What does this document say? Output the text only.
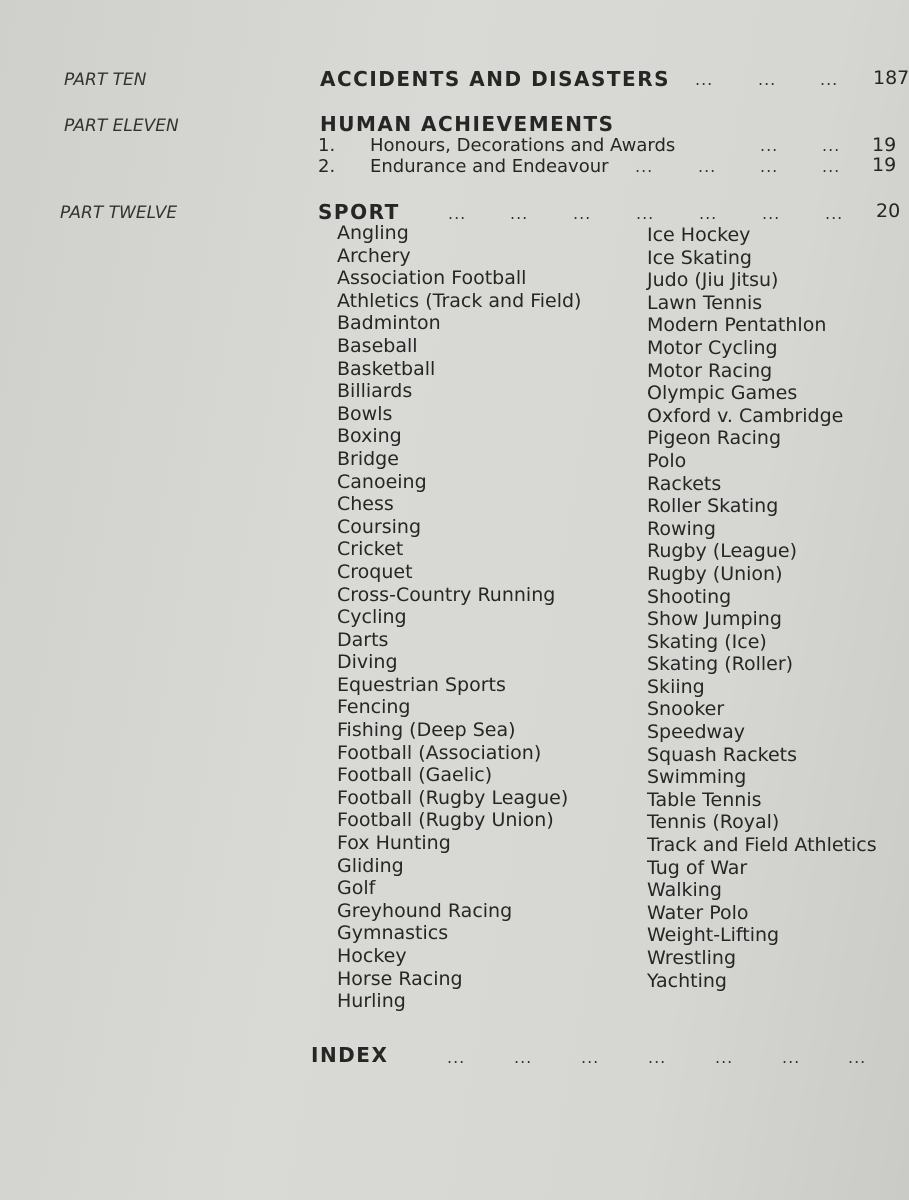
PART TEN	ACCIDENTS AND DISASTERS ...	...	... 187
PART ELEVEN	HUMAN ACHIEVEMENTS
1. Honours, Decorations and Awards	...	... 19
2. Endurance and Endeavour ...	...	...	... 19
PART TWELVE	SPORT	...	...	...	...	...	...	... 20
Angling
Archery
Association Football
Athletics (Track and Field)
Badminton
Baseball
Basketball
Billiards
Bowls
Boxing
Bridge
Canoeing
Chess
Coursing
Cricket
Croquet
Cross-Country Running
Cycling
Darts
Diving
Equestrian Sports
Fencing
Fishing (Deep Sea)
Football (Association)
Football (Gaelic)
Football (Rugby League)
Football (Rugby Union)
Fox Hunting
Gliding
Golf
Greyhound Racing
Gymnastics
Hockey
Horse Racing
Hurling
Ice Hockey
Ice Skating
Judo (Jiu Jitsu)
Lawn Tennis
Modern Pentathlon
Motor Cycling
Motor Racing
Olympic Games
Oxford v. Cambridge
Pigeon Racing
Polo
Rackets
Roller Skating
Rowing
Rugby (League)
Rugby (Union)
Shooting
Show Jumping
Skating (Ice)
Skating (Roller)
Skiing
Snooker
Speedway
Squash Rackets
Swimming
Table Tennis
Tennis (Royal)
Track and Field Athletics
Tug of War
Walking
Water Polo
Weight-Lifting
Wrestling
Yachting
INDEX	...	...	...	...	...	...	...
